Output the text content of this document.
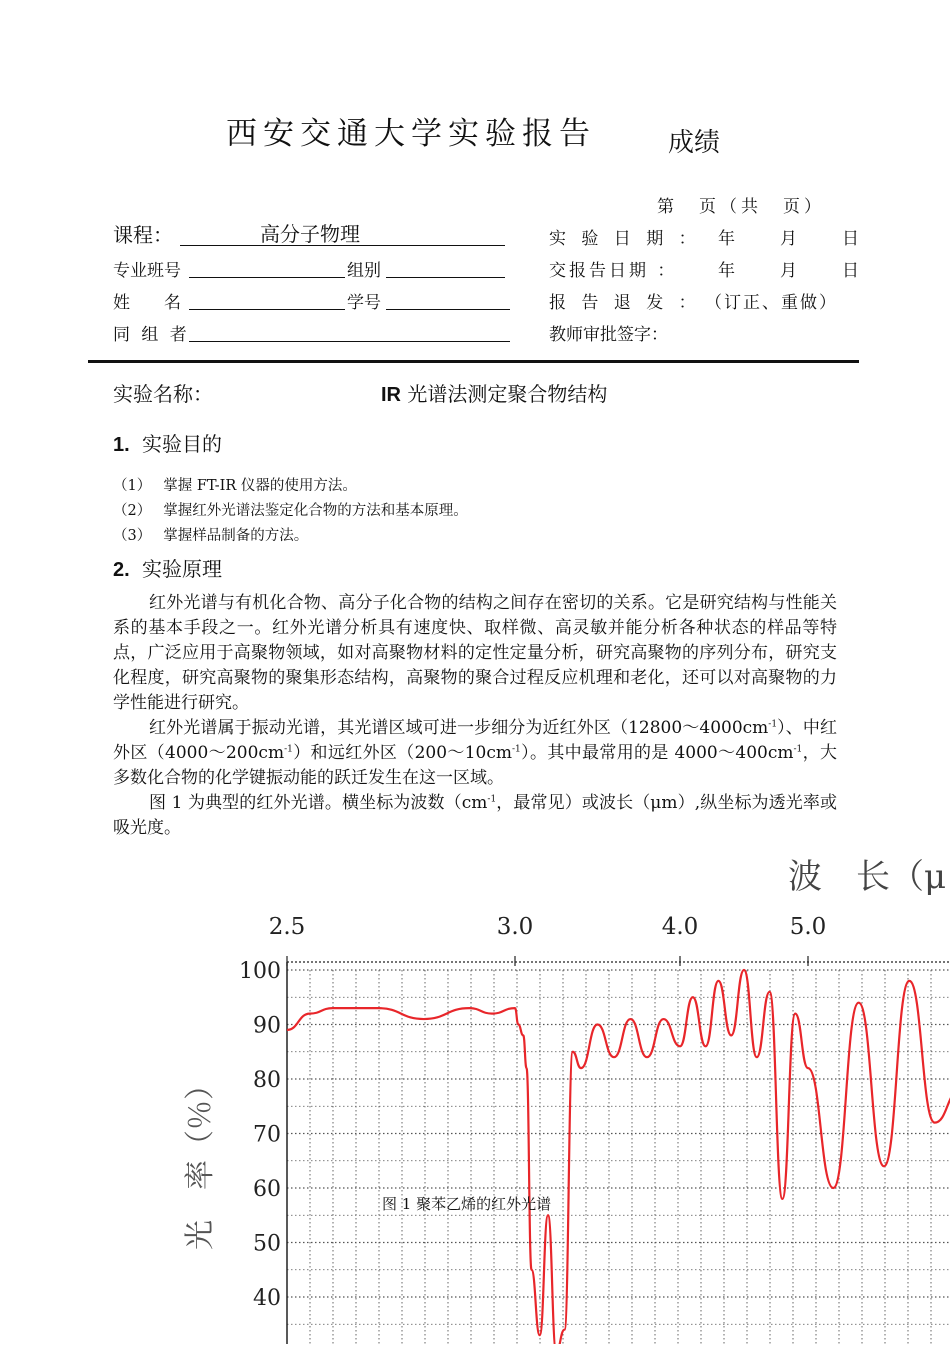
西安交通大学实验报告	成绩
第　页（共　页）
课程：	高分子物理
专业班号	组别
姓　　名	学号
同 组 者
实 验 日 期 ： 年　月　日
交报告日期 ： 年　月　日
报 告 退 发 ： （订正、重做）
教师审批签字：
实验名称：	IR 光谱法测定聚合物结构
1. 实验目的
（1） 掌握 FT-IR 仪器的使用方法。
（2） 掌握红外光谱法鉴定化合物的方法和基本原理。
（3） 掌握样品制备的方法。
2. 实验原理

红外光谱与有机化合物、高分子化合物的结构之间存在密切的关系。它是研究结构与性能关系的基本手段之一。红外光谱分析具有速度快、取样微、高灵敏并能分析各种状态的样品等特点，广泛应用于高聚物领域，如对高聚物材料的定性定量分析，研究高聚物的序列分布，研究支化程度，研究高聚物的聚集形态结构，高聚物的聚合过程反应机理和老化，还可以对高聚物的力学性能进行研究。

红外光谱属于振动光谱，其光谱区域可进一步细分为近红外区$(12800\sim 4000cm^{-1})$、中红外区$(4000\sim 200cm^{-1})$和远红外区$(200\sim 10cm^{-1})$。其中最常用的是 $4000\sim 400cm^{-1}$，大多数化合物的化学键振动能的跃迁发生在这一区域。

图 1 为典型的红外光谱。横坐标为波数（$cm^{-1}$，最常见）或波长（μm）,纵坐标为透光率或吸光度。

100
90
80
70
60
50
40
2.5	3.0	4.0	5.0
波　长（μ
光　率（％）	图 1 聚苯乙烯的红外光谱
